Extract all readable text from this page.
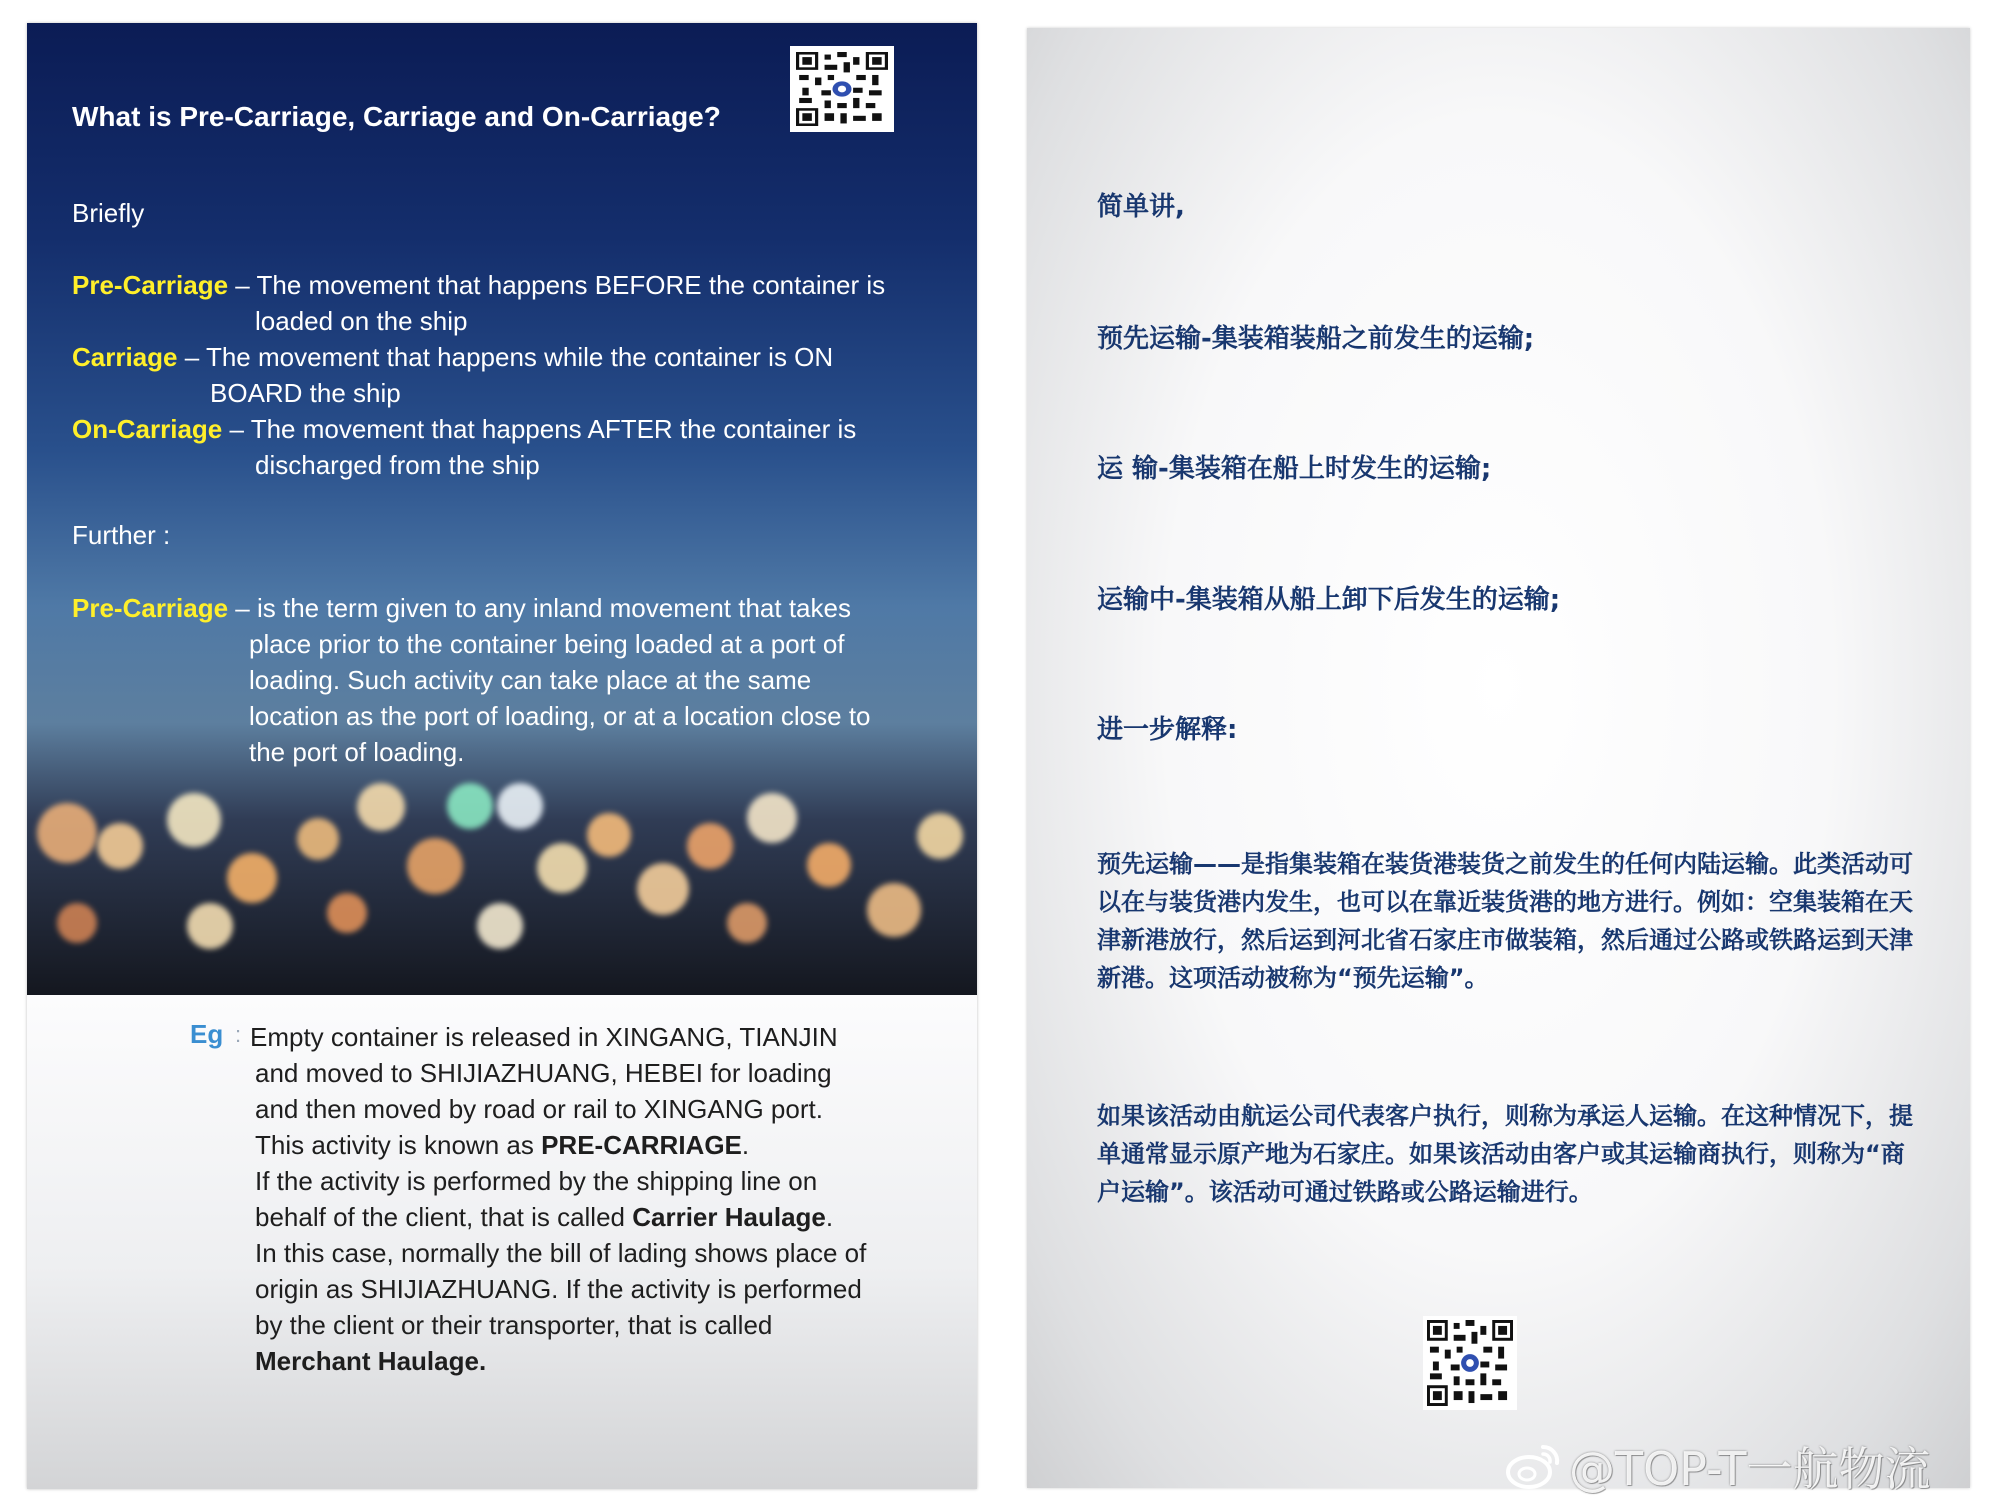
What is Pre-Carriage, Carriage and On-Carriage?
Briefly
Pre-Carriage – The movement that happens BEFORE the container is
loaded on the ship
Carriage – The movement that happens while the container is ON
BOARD the ship
On-Carriage – The movement that happens AFTER the container is
discharged from the ship
Further :
Pre-Carriage – is the term given to any inland movement that takes
place prior to the container being loaded at a port of
loading. Such activity can take place at the same
location as the port of loading, or at a location close to
the port of loading.
Eg : Empty container is released in XINGANG, TIANJIN
and moved to SHIJIAZHUANG, HEBEI for loading
and then moved by road or rail to XINGANG port.
This activity is known as PRE-CARRIAGE.
If the activity is performed by the shipping line on
behalf of the client, that is called Carrier Haulage.
In this case, normally the bill of lading shows place of
origin as SHIJIAZHUANG. If the activity is performed
by the client or their transporter, that is called
Merchant Haulage.
简单讲,
预先运输-集装箱装船之前发生的运输;
运 输-集装箱在船上时发生的运输;
运输中-集装箱从船上卸下后发生的运输;
进一步解释:
预先运输——是指集装箱在装货港装货之前发生的任何内陆运输。此类活动可以在与装货港内发生，也可以在靠近装货港的地方进行。例如：空集装箱在天津新港放行，然后运到河北省石家庄市做装箱，然后通过公路或铁路运到天津新港。这项活动被称为“预先运输”。
如果该活动由航运公司代表客户执行，则称为承运人运输。在这种情况下，提单通常显示原产地为石家庄。如果该活动由客户或其运输商执行，则称为“商户运输”。该活动可通过铁路或公路运输进行。
@TOP-T一航物流
